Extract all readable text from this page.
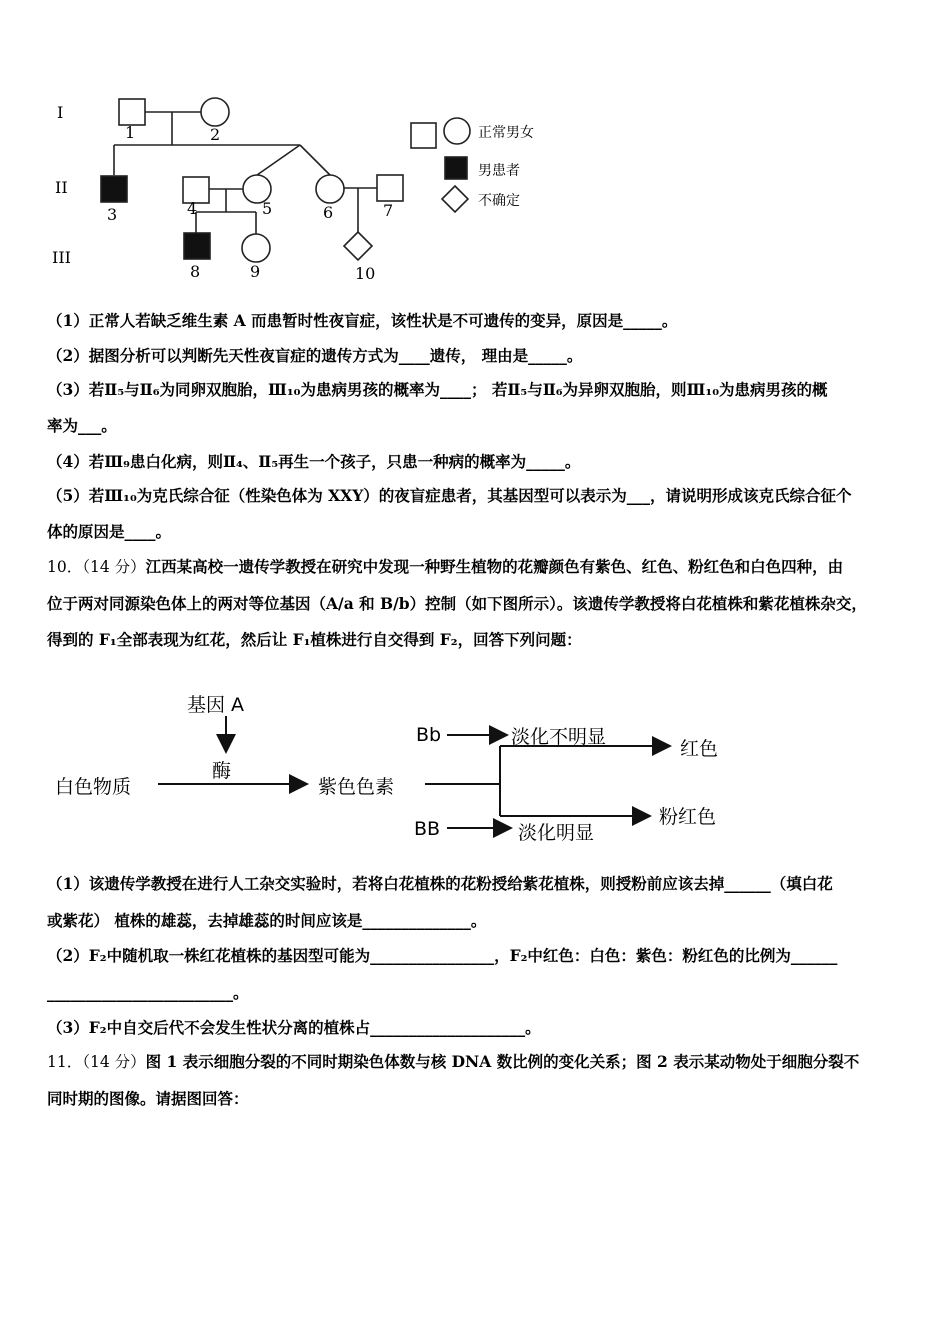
I
II
III
1	2
3	4	5	6	7
8	9	10
正常男女
男患者
不确定
（1）正常人若缺乏维生素 A 而患暂时性夜盲症，该性状是不可遗传的变异，原因是_____。
（2）据图分析可以判断先天性夜盲症的遗传方式为____遗传， 理由是_____。
（3）若Ⅱ₅与Ⅱ₆为同卵双胞胎，Ⅲ₁₀为患病男孩的概率为____； 若Ⅱ₅与Ⅱ₆为异卵双胞胎，则Ⅲ₁₀为患病男孩的概
率为___。
（4）若Ⅲ₉患白化病，则Ⅱ₄、Ⅱ₅再生一个孩子，只患一种病的概率为_____。
（5）若Ⅲ₁₀为克氏综合征（性染色体为 XXY）的夜盲症患者，其基因型可以表示为___，请说明形成该克氏综合征个
体的原因是____。
10．（14 分）江西某高校一遗传学教授在研究中发现一种野生植物的花瓣颜色有紫色、红色、粉红色和白色四种，由
位于两对同源染色体上的两对等位基因（A/a 和 B/b）控制（如下图所示）。该遗传学教授将白花植株和紫花植株杂交，
得到的 F₁全部表现为红花，然后让 F₁植株进行自交得到 F₂，回答下列问题：
基因 A
酶
白色物质	紫色色素
Bb
BB
淡化不明显
淡化明显
红色
粉红色
（1）该遗传学教授在进行人工杂交实验时，若将白花植株的花粉授给紫花植株，则授粉前应该去掉______（填白花
或紫花） 植株的雄蕊，去掉雄蕊的时间应该是______________。
（2）F₂中随机取一株红花植株的基因型可能为________________，F₂中红色：白色：紫色：粉红色的比例为______
________________________。
（3）F₂中自交后代不会发生性状分离的植株占____________________。
11．（14 分）图 1 表示细胞分裂的不同时期染色体数与核 DNA 数比例的变化关系；图 2 表示某动物处于细胞分裂不
同时期的图像。请据图回答：
